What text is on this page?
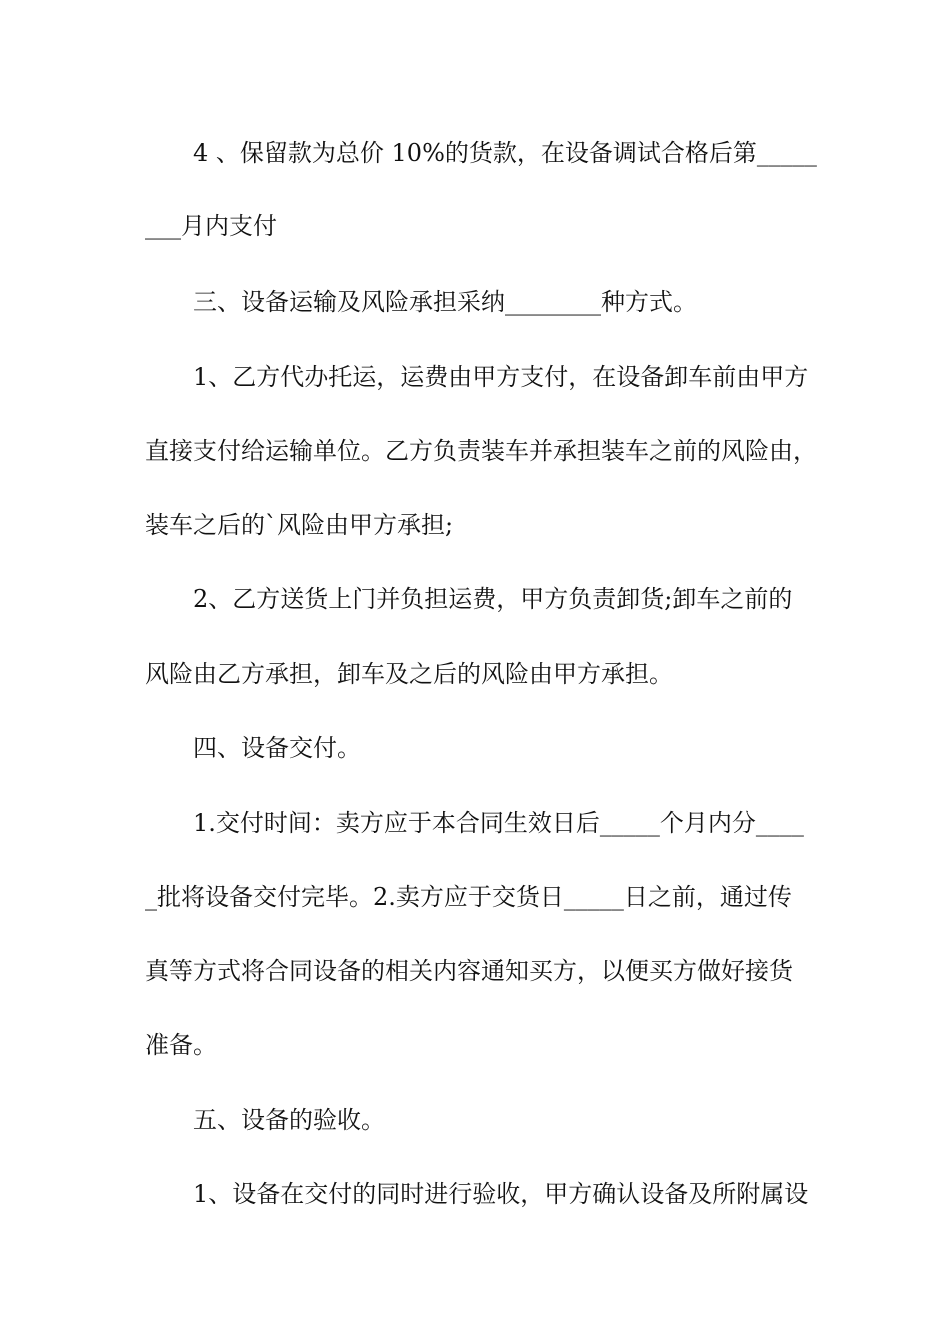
4 、保留款为总价 10%的货款，在设备调试合格后第_____
___月内支付
三、设备运输及风险承担采纳________种方式。
1、乙方代办托运，运费由甲方支付，在设备卸车前由甲方
直接支付给运输单位。乙方负责装车并承担装车之前的风险由，
装车之后的`风险由甲方承担;
2、乙方送货上门并负担运费，甲方负责卸货;卸车之前的
风险由乙方承担，卸车及之后的风险由甲方承担。
四、设备交付。
1.交付时间：卖方应于本合同生效日后_____个月内分____
_批将设备交付完毕。2.卖方应于交货日_____日之前，通过传
真等方式将合同设备的相关内容通知买方，以便买方做好接货
准备。
五、设备的验收。
1、设备在交付的同时进行验收，甲方确认设备及所附属设
